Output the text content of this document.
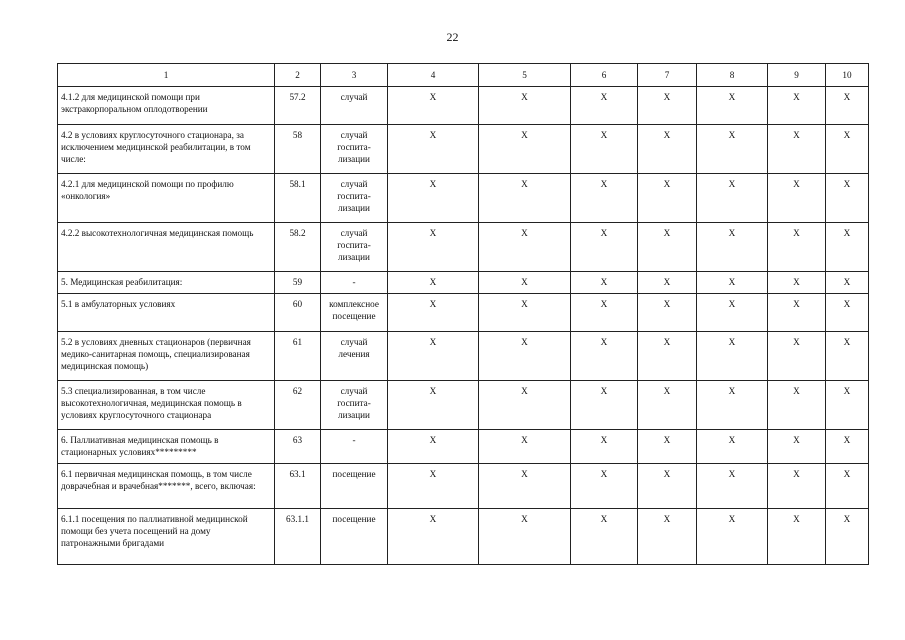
22
1	2	3	4	5	6	7	8	9	10
4.1.2 для медицинской помощи при экстракорпоральном оплодотворении	57.2	случай	X	X	X	X	X	X	X
4.2 в условиях круглосуточного стационара, за исключением медицинской реабилитации, в том числе:	58	случай
госпита-
лизации	X	X	X	X	X	X	X
4.2.1 для медицинской помощи по профилю «онкология»	58.1	случай
госпита-
лизации	X	X	X	X	X	X	X
4.2.2 высокотехнологичная медицинская помощь	58.2	случай
госпита-
лизации	X	X	X	X	X	X	X
5. Медицинская реабилитация:	59	-	X	X	X	X	X	X	X
5.1 в амбулаторных условиях	60	комплексное
посещение	X	X	X	X	X	X	X
5.2 в условиях дневных стационаров (первичная медико-санитарная помощь, специализированая медицинская помощь)	61	случай
лечения	X	X	X	X	X	X	X
5.3 специализированная, в том числе высокотехнологичная, медицинская помощь в условиях круглосуточного стационара	62	случай
госпита-
лизации	X	X	X	X	X	X	X
6. Паллиативная медицинская помощь в стационарных условиях*********	63	-	X	X	X	X	X	X	X
6.1 первичная медицинская помощь, в том числе доврачебная и врачебная*******, всего, включая:	63.1	посещение	X	X	X	X	X	X	X
6.1.1 посещения по паллиативной медицинской помощи без учета посещений на дому патронажными бригадами	63.1.1	посещение	X	X	X	X	X	X	X
